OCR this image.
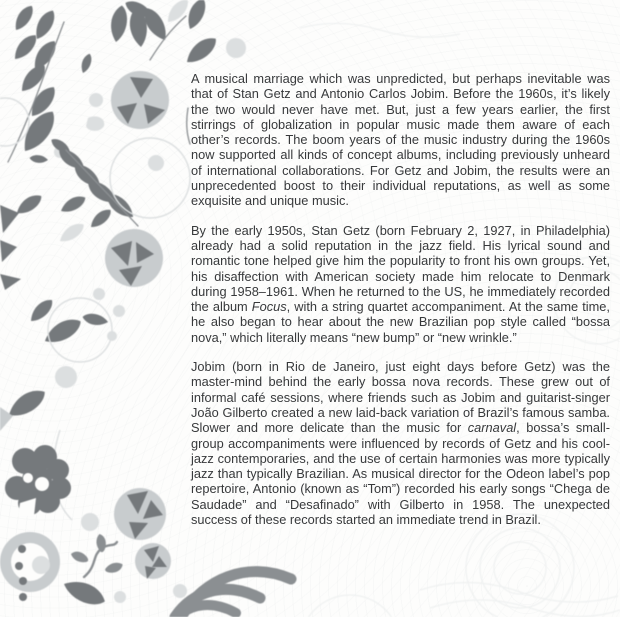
A musical marriage which was unpredicted, but perhaps inevitable was that of Stan Getz and Antonio Carlos Jobim. Before the 1960s, it’s likely the two would never have met. But, just a few years earlier, the first stirrings of globalization in popular music made them aware of each other’s records. The boom years of the music industry during the 1960s now supported all kinds of concept albums, including previously unheard of international collaborations. For Getz and Jobim, the results were an unprecedented boost to their individual reputations, as well as some exquisite and unique music.

By the early 1950s, Stan Getz (born February 2, 1927, in Philadelphia) already had a solid reputation in the jazz field. His lyrical sound and romantic tone helped give him the popularity to front his own groups. Yet, his disaffection with American society made him relocate to Denmark during 1958–1961. When he returned to the US, he immediately recorded the album Focus, with a string quartet accompaniment. At the same time, he also began to hear about the new Brazilian pop style called “bossa nova,” which literally means “new bump” or “new wrinkle.”

Jobim (born in Rio de Janeiro, just eight days before Getz) was the master-mind behind the early bossa nova records. These grew out of informal café sessions, where friends such as Jobim and guitarist-singer João Gilberto created a new laid-back variation of Brazil’s famous samba. Slower and more delicate than the music for carnaval, bossa’s small-group accompaniments were influenced by records of Getz and his cool-jazz contemporaries, and the use of certain harmonies was more typically jazz than typically Brazilian. As musical director for the Odeon label’s pop repertoire, Antonio (known as “Tom”) recorded his early songs “Chega de Saudade” and “Desafinado” with Gilberto in 1958. The unexpected success of these records started an immediate trend in Brazil.
